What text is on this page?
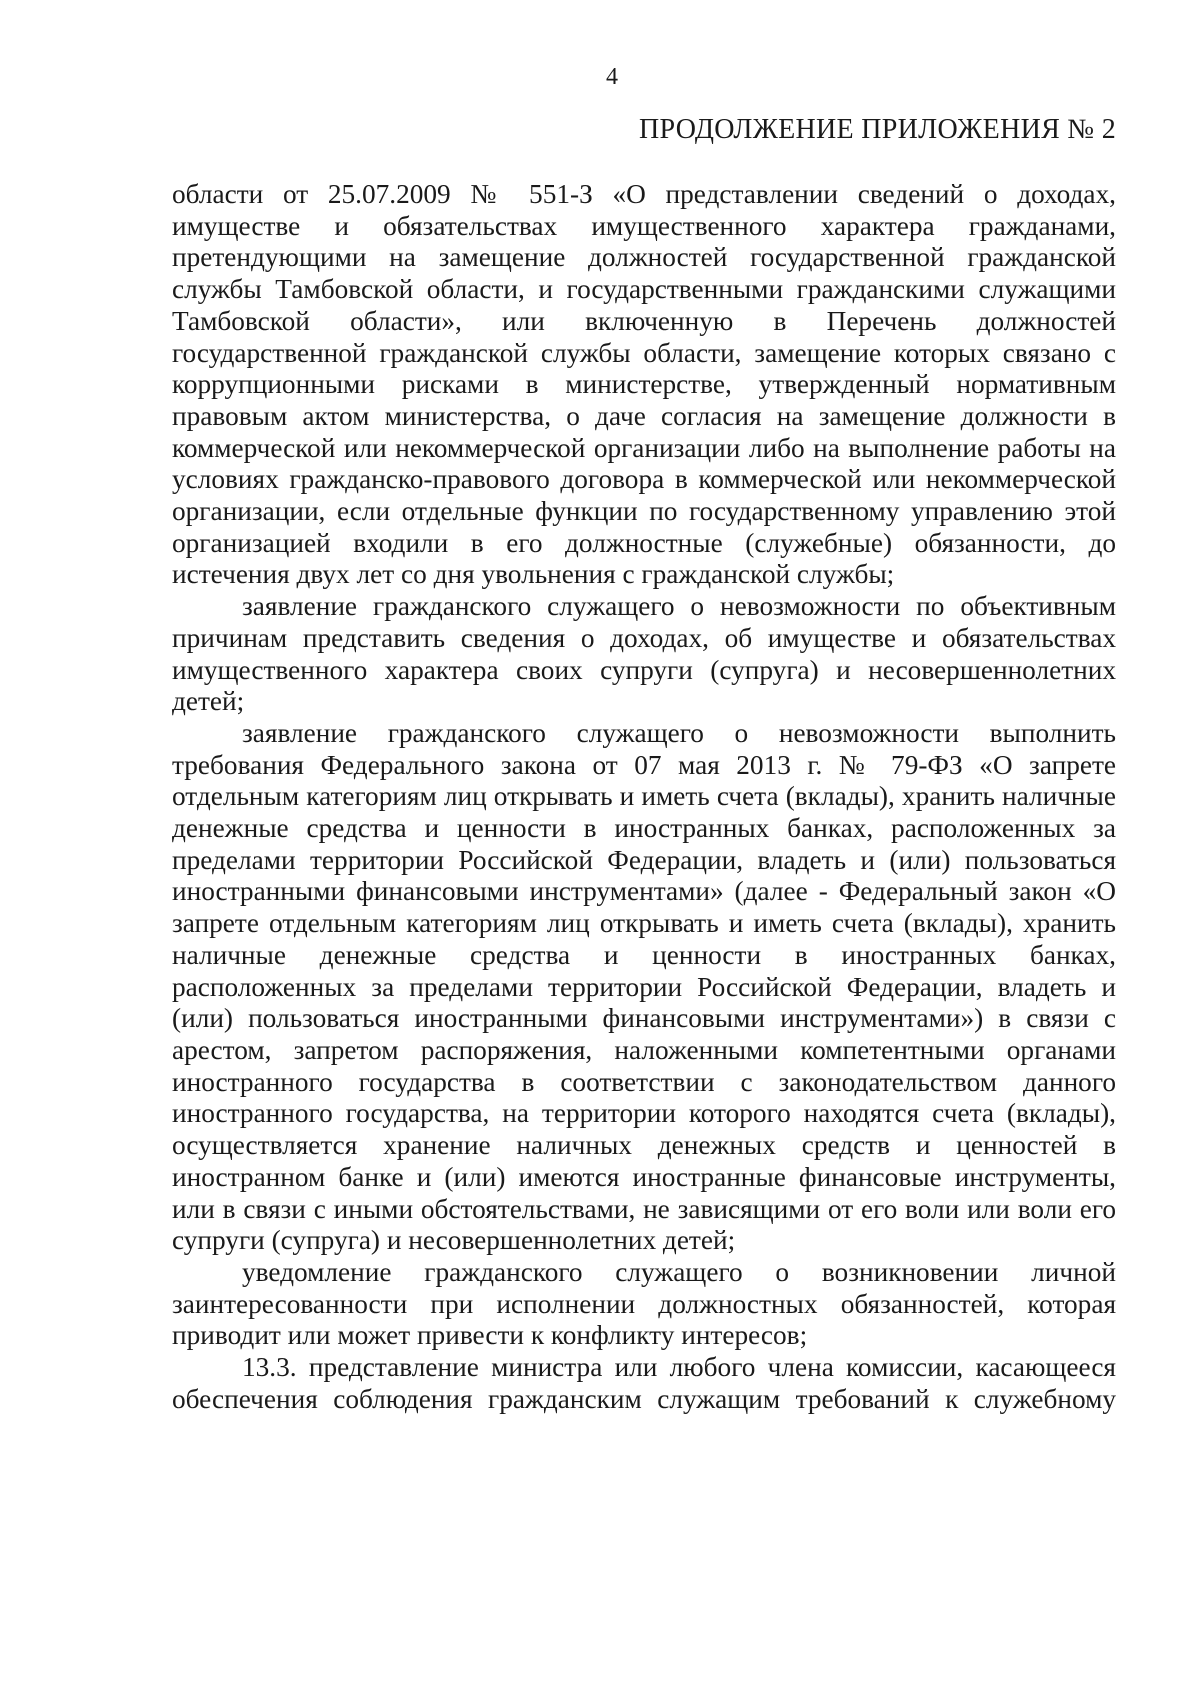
4
ПРОДОЛЖЕНИЕ ПРИЛОЖЕНИЯ № 2

области от 25.07.2009 № 551-З «О представлении сведений о доходах, имуществе и обязательствах имущественного характера гражданами, претендующими на замещение должностей государственной гражданской службы Тамбовской области, и государственными гражданскими служащими Тамбовской области», или включенную в Перечень должностей государственной гражданской службы области, замещение которых связано с коррупционными рисками в министерстве, утвержденный нормативным правовым актом министерства, о даче согласия на замещение должности в коммерческой или некоммерческой организации либо на выполнение работы на условиях гражданско-правового договора в коммерческой или некоммерческой организации, если отдельные функции по государственному управлению этой организацией входили в его должностные (служебные) обязанности, до истечения двух лет со дня увольнения с гражданской службы;

заявление гражданского служащего о невозможности по объективным причинам представить сведения о доходах, об имуществе и обязательствах имущественного характера своих супруги (супруга) и несовершеннолетних детей;

заявление гражданского служащего о невозможности выполнить требования Федерального закона от 07 мая 2013 г. № 79-ФЗ «О запрете отдельным категориям лиц открывать и иметь счета (вклады), хранить наличные денежные средства и ценности в иностранных банках, расположенных за пределами территории Российской Федерации, владеть и (или) пользоваться иностранными финансовыми инструментами» (далее - Федеральный закон «О запрете отдельным категориям лиц открывать и иметь счета (вклады), хранить наличные денежные средства и ценности в иностранных банках, расположенных за пределами территории Российской Федерации, владеть и (или) пользоваться иностранными финансовыми инструментами») в связи с арестом, запретом распоряжения, наложенными компетентными органами иностранного государства в соответствии с законодательством данного иностранного государства, на территории которого находятся счета (вклады), осуществляется хранение наличных денежных средств и ценностей в иностранном банке и (или) имеются иностранные финансовые инструменты, или в связи с иными обстоятельствами, не зависящими от его воли или воли его супруги (супруга) и несовершеннолетних детей;

уведомление гражданского служащего о возникновении личной заинтересованности при исполнении должностных обязанностей, которая приводит или может привести к конфликту интересов;

13.3. представление министра или любого члена комиссии, касающееся обеспечения соблюдения гражданским служащим требований к служебному
